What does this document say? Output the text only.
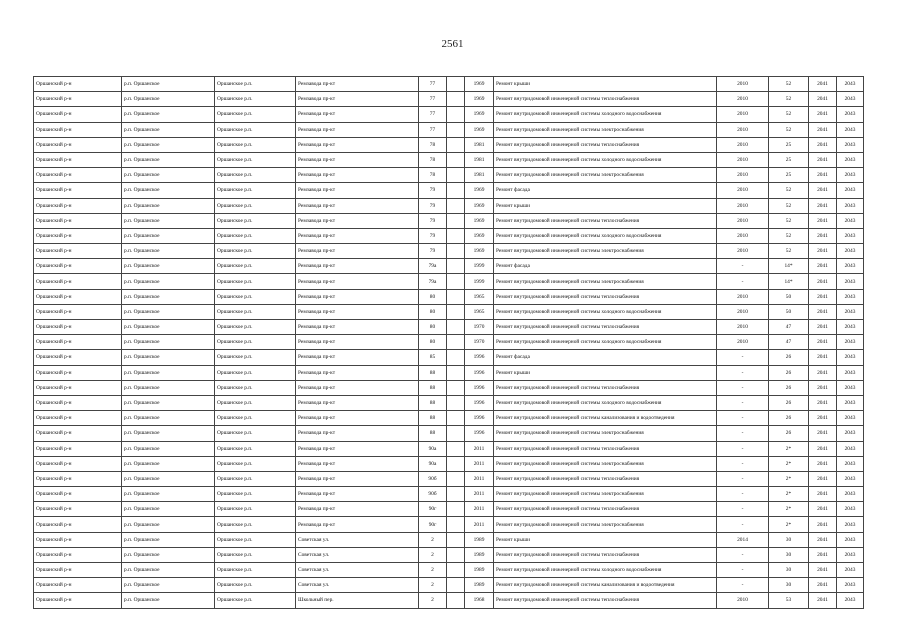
2561
Оршанский р-н	р.п. Оршанское	Оршанское р.п.	Ремзавода пр-кт	77		1969	Ремонт крыши	2010	52	2041	2043
Оршанский р-н	р.п. Оршанское	Оршанское р.п.	Ремзавода пр-кт	77		1969	Ремонт внутридомовой инженерной системы теплоснабжения	2010	52	2041	2043
Оршанский р-н	р.п. Оршанское	Оршанское р.п.	Ремзавода пр-кт	77		1969	Ремонт внутридомовой инженерной системы холодного водоснабжения	2010	52	2041	2043
Оршанский р-н	р.п. Оршанское	Оршанское р.п.	Ремзавода пр-кт	77		1969	Ремонт внутридомовой инженерной системы электроснабжения	2010	52	2041	2043
Оршанский р-н	р.п. Оршанское	Оршанское р.п.	Ремзавода пр-кт	78		1981	Ремонт внутридомовой инженерной системы теплоснабжения	2010	25	2041	2043
Оршанский р-н	р.п. Оршанское	Оршанское р.п.	Ремзавода пр-кт	78		1981	Ремонт внутридомовой инженерной системы холодного водоснабжения	2010	25	2041	2043
Оршанский р-н	р.п. Оршанское	Оршанское р.п.	Ремзавода пр-кт	78		1981	Ремонт внутридомовой инженерной системы электроснабжения	2010	25	2041	2043
Оршанский р-н	р.п. Оршанское	Оршанское р.п.	Ремзавода пр-кт	79		1969	Ремонт фасада	2010	52	2041	2043
Оршанский р-н	р.п. Оршанское	Оршанское р.п.	Ремзавода пр-кт	79		1969	Ремонт крыши	2010	52	2041	2043
Оршанский р-н	р.п. Оршанское	Оршанское р.п.	Ремзавода пр-кт	79		1969	Ремонт внутридомовой инженерной системы теплоснабжения	2010	52	2041	2043
Оршанский р-н	р.п. Оршанское	Оршанское р.п.	Ремзавода пр-кт	79		1969	Ремонт внутридомовой инженерной системы холодного водоснабжения	2010	52	2041	2043
Оршанский р-н	р.п. Оршанское	Оршанское р.п.	Ремзавода пр-кт	79		1969	Ремонт внутридомовой инженерной системы электроснабжения	2010	52	2041	2043
Оршанский р-н	р.п. Оршанское	Оршанское р.п.	Ремзавода пр-кт	79а		1999	Ремонт фасада	-	14*	2041	2043
Оршанский р-н	р.п. Оршанское	Оршанское р.п.	Ремзавода пр-кт	79а		1999	Ремонт внутридомовой инженерной системы электроснабжения	-	14*	2041	2043
Оршанский р-н	р.п. Оршанское	Оршанское р.п.	Ремзавода пр-кт	80		1965	Ремонт внутридомовой инженерной системы теплоснабжения	2010	50	2041	2043
Оршанский р-н	р.п. Оршанское	Оршанское р.п.	Ремзавода пр-кт	80		1965	Ремонт внутридомовой инженерной системы холодного водоснабжения	2010	50	2041	2043
Оршанский р-н	р.п. Оршанское	Оршанское р.п.	Ремзавода пр-кт	80		1970	Ремонт внутридомовой инженерной системы теплоснабжения	2010	47	2041	2043
Оршанский р-н	р.п. Оршанское	Оршанское р.п.	Ремзавода пр-кт	80		1970	Ремонт внутридомовой инженерной системы холодного водоснабжения	2010	47	2041	2043
Оршанский р-н	р.п. Оршанское	Оршанское р.п.	Ремзавода пр-кт	85		1996	Ремонт фасада	-	26	2041	2043
Оршанский р-н	р.п. Оршанское	Оршанское р.п.	Ремзавода пр-кт	88		1996	Ремонт крыши	-	26	2041	2043
Оршанский р-н	р.п. Оршанское	Оршанское р.п.	Ремзавода пр-кт	88		1996	Ремонт внутридомовой инженерной системы теплоснабжения	-	26	2041	2043
Оршанский р-н	р.п. Оршанское	Оршанское р.п.	Ремзавода пр-кт	88		1996	Ремонт внутридомовой инженерной системы холодного водоснабжения	-	26	2041	2043
Оршанский р-н	р.п. Оршанское	Оршанское р.п.	Ремзавода пр-кт	88		1996	Ремонт внутридомовой инженерной системы канализования и водоотведения	-	26	2041	2043
Оршанский р-н	р.п. Оршанское	Оршанское р.п.	Ремзавода пр-кт	88		1996	Ремонт внутридомовой инженерной системы электроснабжения	-	26	2041	2043
Оршанский р-н	р.п. Оршанское	Оршанское р.п.	Ремзавода пр-кт	90а		2011	Ремонт внутридомовой инженерной системы теплоснабжения	-	2*	2041	2043
Оршанский р-н	р.п. Оршанское	Оршанское р.п.	Ремзавода пр-кт	90а		2011	Ремонт внутридомовой инженерной системы электроснабжения	-	2*	2041	2043
Оршанский р-н	р.п. Оршанское	Оршанское р.п.	Ремзавода пр-кт	90б		2011	Ремонт внутридомовой инженерной системы теплоснабжения	-	2*	2041	2043
Оршанский р-н	р.п. Оршанское	Оршанское р.п.	Ремзавода пр-кт	90б		2011	Ремонт внутридомовой инженерной системы электроснабжения	-	2*	2041	2043
Оршанский р-н	р.п. Оршанское	Оршанское р.п.	Ремзавода пр-кт	90г		2011	Ремонт внутридомовой инженерной системы теплоснабжения	-	2*	2041	2043
Оршанский р-н	р.п. Оршанское	Оршанское р.п.	Ремзавода пр-кт	90г		2011	Ремонт внутридомовой инженерной системы электроснабжения	-	2*	2041	2043
Оршанский р-н	р.п. Оршанское	Оршанское р.п.	Советская ул.	2		1989	Ремонт крыши	2014	30	2041	2043
Оршанский р-н	р.п. Оршанское	Оршанское р.п.	Советская ул.	2		1989	Ремонт внутридомовой инженерной системы теплоснабжения	-	30	2041	2043
Оршанский р-н	р.п. Оршанское	Оршанское р.п.	Советская ул.	2		1989	Ремонт внутридомовой инженерной системы холодного водоснабжения	-	30	2041	2043
Оршанский р-н	р.п. Оршанское	Оршанское р.п.	Советская ул.	2		1989	Ремонт внутридомовой инженерной системы канализования и водоотведения	-	30	2041	2043
Оршанский р-н	р.п. Оршанское	Оршанское р.п.	Школьный пер.	2		1968	Ремонт внутридомовой инженерной системы теплоснабжения	2010	53	2041	2043
